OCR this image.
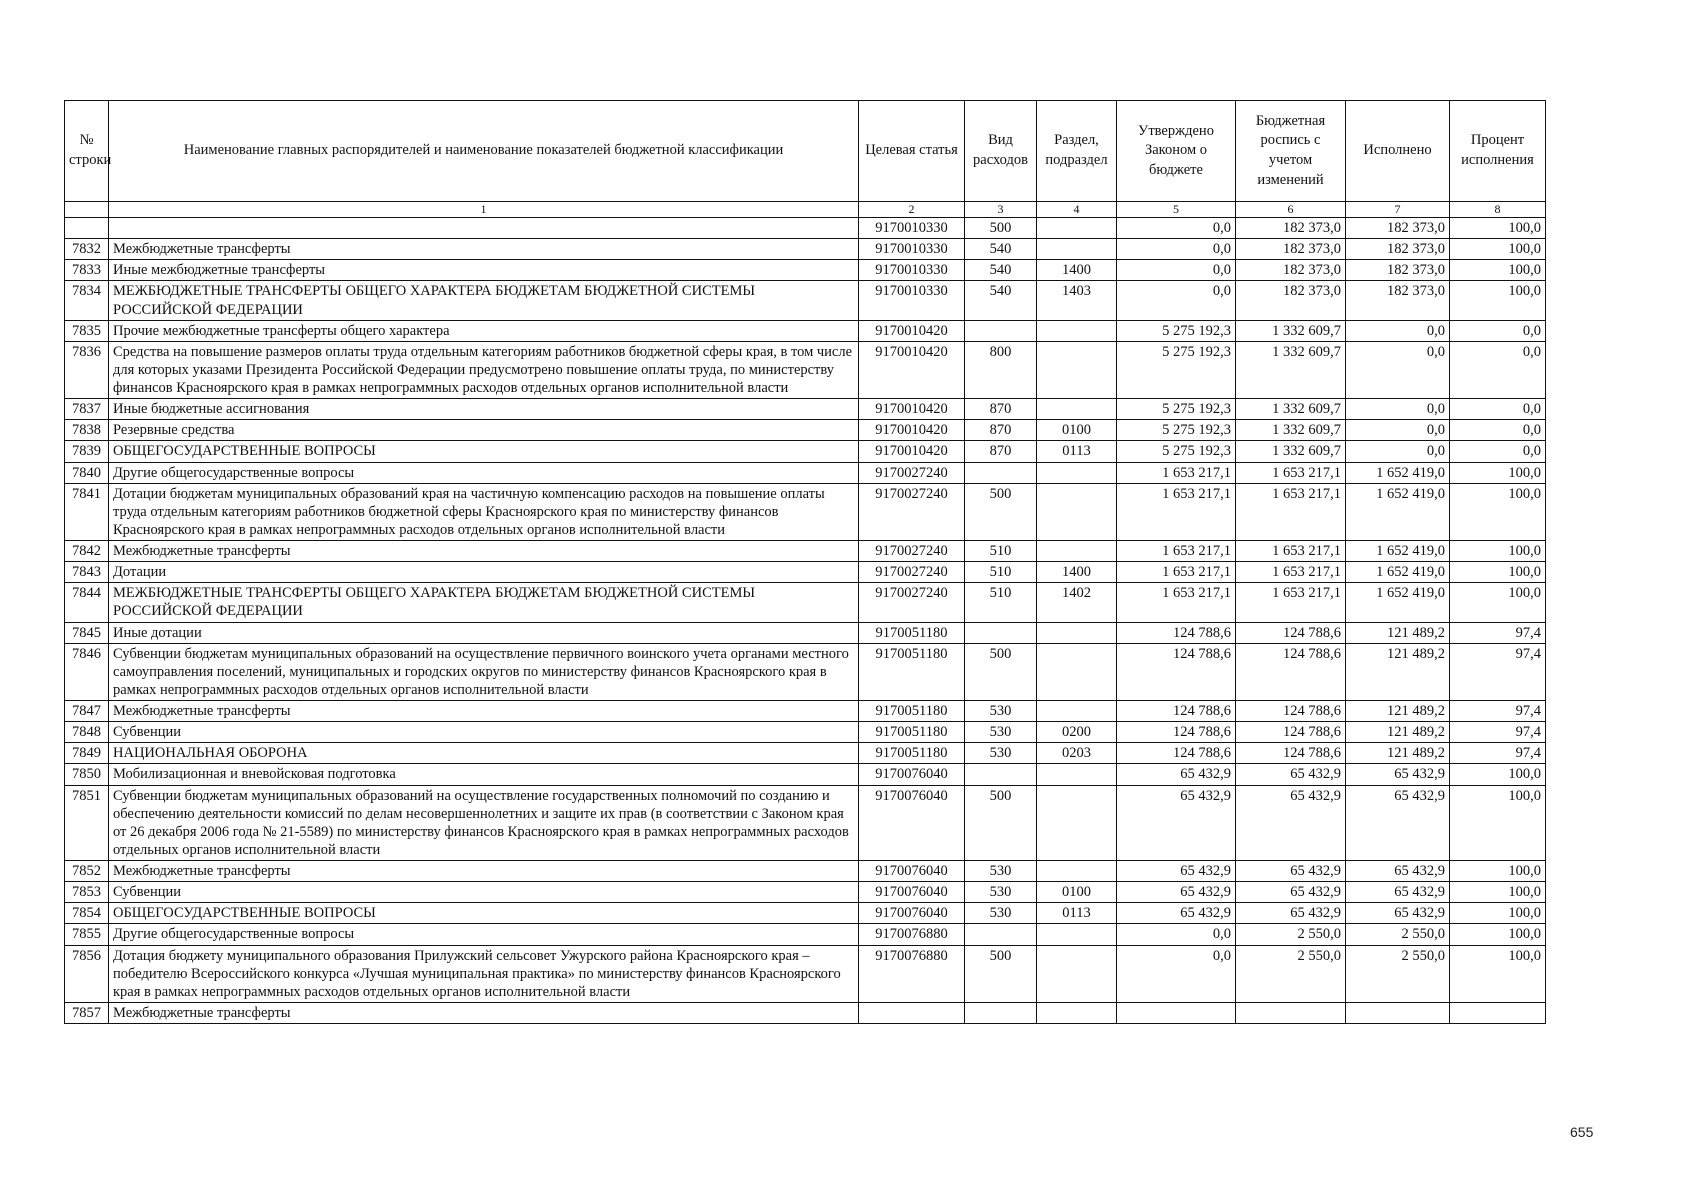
№ строки	Наименование главных распорядителей и наименование показателей бюджетной классификации	Целевая статья	Вид расходов	Раздел, подраздел	Утверждено Законом о бюджете	Бюджетная роспись с учетом изменений	Исполнено	Процент исполнения
	1	2	3	4	5	6	7	8
		9170010330	500		0,0	182 373,0	182 373,0	100,0
7832	Межбюджетные трансферты	9170010330	540		0,0	182 373,0	182 373,0	100,0
7833	Иные межбюджетные трансферты	9170010330	540	1400	0,0	182 373,0	182 373,0	100,0
7834	МЕЖБЮДЖЕТНЫЕ ТРАНСФЕРТЫ ОБЩЕГО ХАРАКТЕРА БЮДЖЕТАМ БЮДЖЕТНОЙ СИСТЕМЫ РОССИЙСКОЙ ФЕДЕРАЦИИ	9170010330	540	1403	0,0	182 373,0	182 373,0	100,0
7835	Прочие межбюджетные трансферты общего характера	9170010420			5 275 192,3	1 332 609,7	0,0	0,0
7836	Средства на повышение размеров оплаты труда отдельным категориям работников бюджетной сферы края, в том числе для которых указами Президента Российской Федерации предусмотрено повышение оплаты труда, по министерству финансов Красноярского края в рамках непрограммных расходов отдельных органов исполнительной власти	9170010420	800		5 275 192,3	1 332 609,7	0,0	0,0
7837	Иные бюджетные ассигнования	9170010420	870		5 275 192,3	1 332 609,7	0,0	0,0
7838	Резервные средства	9170010420	870	0100	5 275 192,3	1 332 609,7	0,0	0,0
7839	ОБЩЕГОСУДАРСТВЕННЫЕ ВОПРОСЫ	9170010420	870	0113	5 275 192,3	1 332 609,7	0,0	0,0
7840	Другие общегосударственные вопросы	9170027240			1 653 217,1	1 653 217,1	1 652 419,0	100,0
7841	Дотации бюджетам муниципальных образований края на частичную компенсацию расходов на повышение оплаты труда отдельным категориям работников бюджетной сферы Красноярского края по министерству финансов Красноярского края в рамках непрограммных расходов отдельных органов исполнительной власти	9170027240	500		1 653 217,1	1 653 217,1	1 652 419,0	100,0
7842	Межбюджетные трансферты	9170027240	510		1 653 217,1	1 653 217,1	1 652 419,0	100,0
7843	Дотации	9170027240	510	1400	1 653 217,1	1 653 217,1	1 652 419,0	100,0
7844	МЕЖБЮДЖЕТНЫЕ ТРАНСФЕРТЫ ОБЩЕГО ХАРАКТЕРА БЮДЖЕТАМ БЮДЖЕТНОЙ СИСТЕМЫ РОССИЙСКОЙ ФЕДЕРАЦИИ	9170027240	510	1402	1 653 217,1	1 653 217,1	1 652 419,0	100,0
7845	Иные дотации	9170051180			124 788,6	124 788,6	121 489,2	97,4
7846	Субвенции бюджетам муниципальных образований на осуществление первичного воинского учета органами местного самоуправления поселений, муниципальных и городских округов по министерству финансов Красноярского края в рамках непрограммных расходов отдельных органов исполнительной власти	9170051180	500		124 788,6	124 788,6	121 489,2	97,4
7847	Межбюджетные трансферты	9170051180	530		124 788,6	124 788,6	121 489,2	97,4
7848	Субвенции	9170051180	530	0200	124 788,6	124 788,6	121 489,2	97,4
7849	НАЦИОНАЛЬНАЯ ОБОРОНА	9170051180	530	0203	124 788,6	124 788,6	121 489,2	97,4
7850	Мобилизационная и вневойсковая подготовка	9170076040			65 432,9	65 432,9	65 432,9	100,0
7851	Субвенции бюджетам муниципальных образований на осуществление государственных полномочий по созданию и обеспечению деятельности комиссий по делам несовершеннолетних и защите их прав (в соответствии с Законом края от 26 декабря 2006 года № 21-5589) по министерству финансов Красноярского края в рамках непрограммных расходов отдельных органов исполнительной власти	9170076040	500		65 432,9	65 432,9	65 432,9	100,0
7852	Межбюджетные трансферты	9170076040	530		65 432,9	65 432,9	65 432,9	100,0
7853	Субвенции	9170076040	530	0100	65 432,9	65 432,9	65 432,9	100,0
7854	ОБЩЕГОСУДАРСТВЕННЫЕ ВОПРОСЫ	9170076040	530	0113	65 432,9	65 432,9	65 432,9	100,0
7855	Другие общегосударственные вопросы	9170076880			0,0	2 550,0	2 550,0	100,0
7856	Дотация бюджету муниципального образования Прилужский сельсовет Ужурского района Красноярского края – победителю Всероссийского конкурса «Лучшая муниципальная практика» по министерству финансов Красноярского края в рамках непрограммных расходов отдельных органов исполнительной власти	9170076880	500		0,0	2 550,0	2 550,0	100,0
7857	Межбюджетные трансферты							
655
